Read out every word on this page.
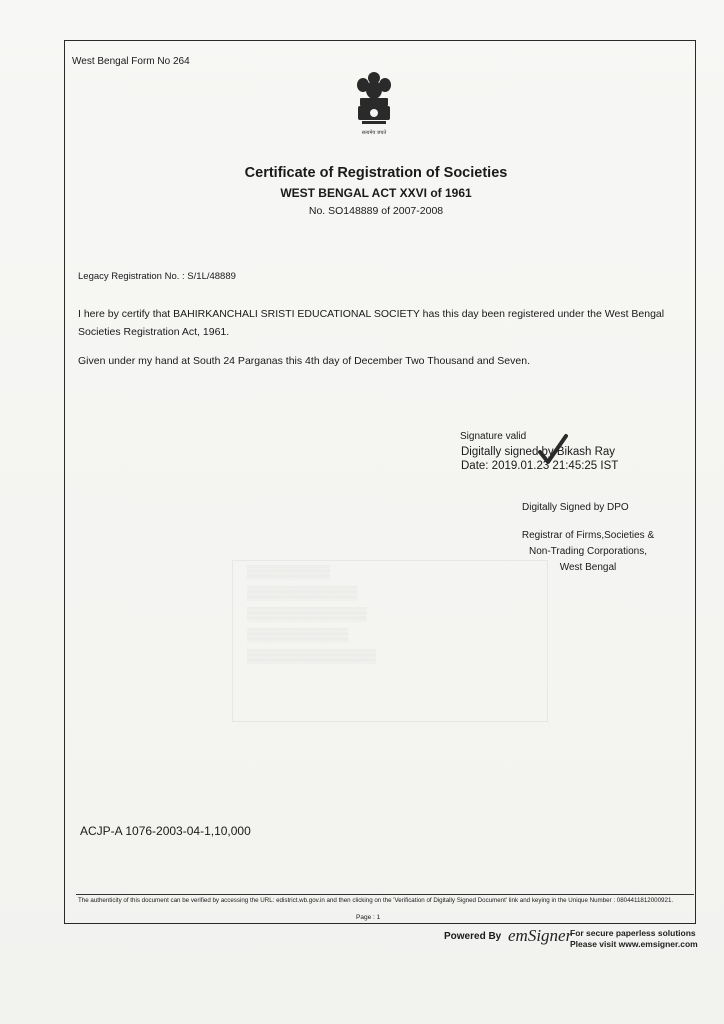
West Bengal Form No 264
सत्यमेव जयते
Certificate of Registration of Societies
WEST BENGAL ACT XXVI of 1961
No. SO148889 of 2007-2008
Legacy Registration No. : S/1L/48889
I here by certify that BAHIRKANCHALI SRISTI EDUCATIONAL SOCIETY has this day been registered under the West Bengal Societies Registration Act, 1961.
Given under my hand at South 24 Parganas this 4th day of December Two Thousand and Seven.
Signature valid
Digitally signed by Bikash Ray
Date: 2019.01.23 21:45:25 IST
Digitally Signed by DPO
Registrar of Firms,Societies &
Non-Trading Corporations,
West Bengal
▒▒▒▒▒▒▒▒▒
▒▒▒▒▒▒▒▒▒▒▒▒
▒▒▒▒▒▒▒▒▒▒▒▒▒
▒▒▒▒▒▒▒▒▒▒▒
▒▒▒▒▒▒▒▒▒▒▒▒▒▒
ACJP-A 1076-2003-04-1,10,000
The authenticity of this document can be verified by accessing the URL: edistrict.wb.gov.in and then clicking on the 'Verification of Digitally Signed Document' link and keying in the Unique Number : 0804411812000921.
Page : 1
Powered By emSigner
For secure paperless solutions
Please visit www.emsigner.com
